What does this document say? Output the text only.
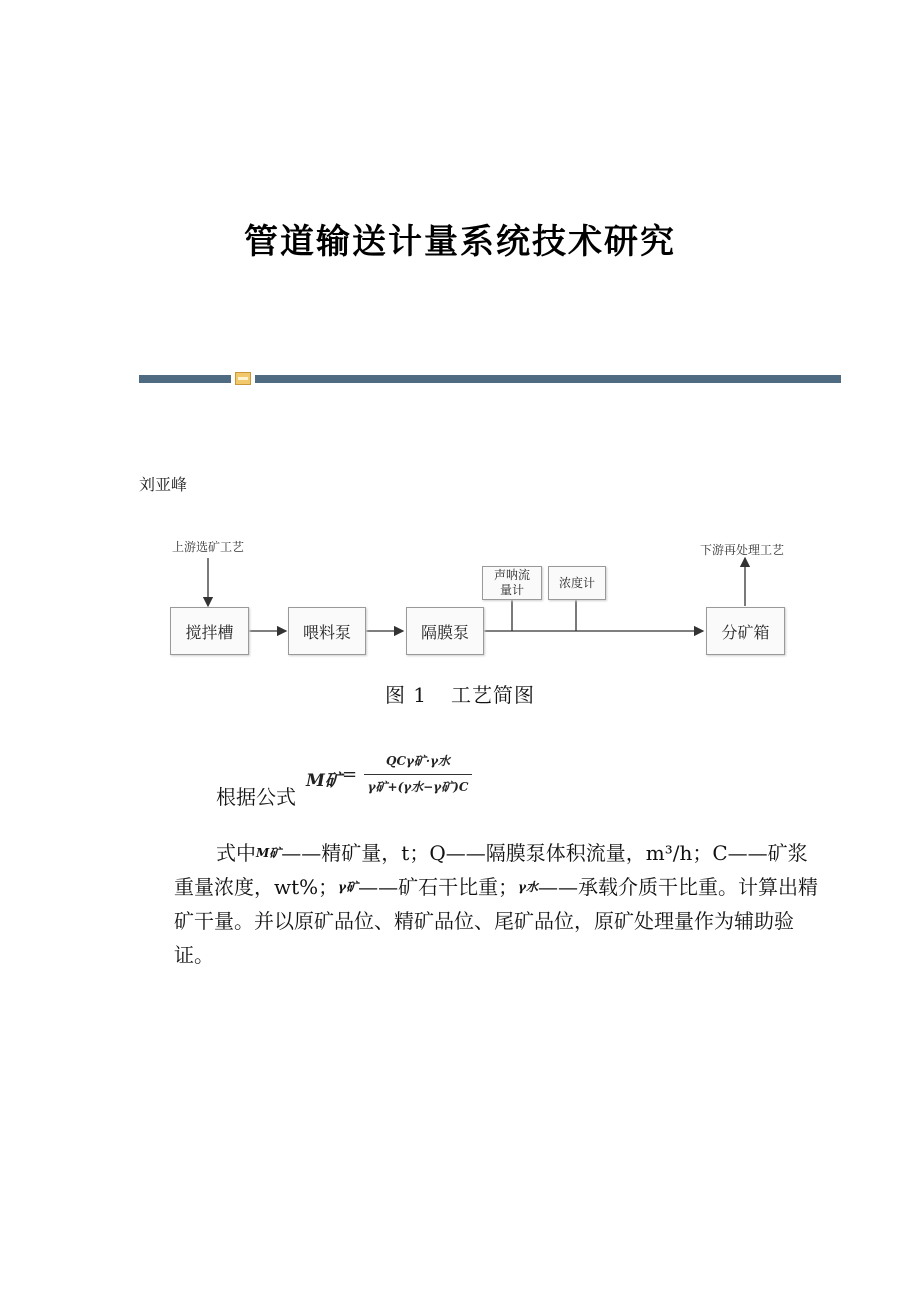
管道输送计量系统技术研究
刘亚峰
上游选矿工艺	下游再处理工艺
搅拌槽	喂料泵	隔膜泵
声呐流
量计
浓度计
分矿箱
图 1 工艺简图
根据公式
M矿 =
QCγ矿·γ水
γ矿+(γ水−γ矿)C
式中$^{M矿}$——精矿量，t；Q——隔膜泵体积流量，m³/h；C——矿浆重量浓度，wt%；$^{\gamma 矿}$——矿石干比重；$^{\gamma 水}$——承载介质干比重。计算出精矿干量。并以原矿品位、精矿品位、尾矿品位，原矿处理量作为辅助验证。
